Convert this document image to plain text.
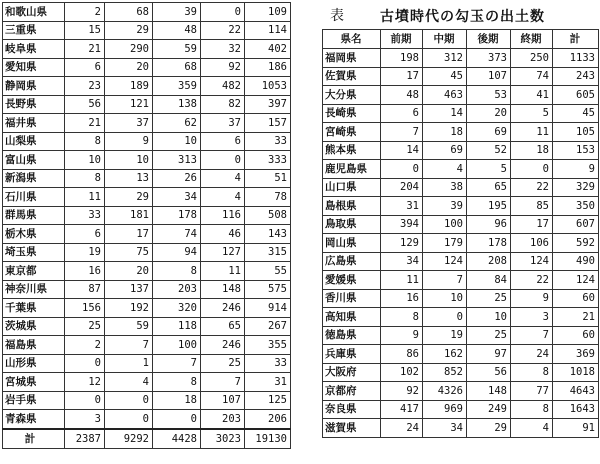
和歌山県	2	68	39	0	109
三重県	15	29	48	22	114
岐阜県	21	290	59	32	402
愛知県	6	20	68	92	186
静岡県	23	189	359	482	1053
長野県	56	121	138	82	397
福井県	21	37	62	37	157
山梨県	8	9	10	6	33
富山県	10	10	313	0	333
新潟県	8	13	26	4	51
石川県	11	29	34	4	78
群馬県	33	181	178	116	508
栃木県	6	17	74	46	143
埼玉県	19	75	94	127	315
東京都	16	20	8	11	55
神奈川県	87	137	203	148	575
千葉県	156	192	320	246	914
茨城県	25	59	118	65	267
福島県	2	7	100	246	355
山形県	0	1	7	25	33
宮城県	12	4	8	7	31
岩手県	0	0	18	107	125
青森県	3	0	0	203	206
計	2387	9292	4428	3023	19130
表	古墳時代の勾玉の出土数
県名	前期	中期	後期	終期	計
福岡県	198	312	373	250	1133
佐賀県	17	45	107	74	243
大分県	48	463	53	41	605
長崎県	6	14	20	5	45
宮崎県	7	18	69	11	105
熊本県	14	69	52	18	153
鹿児島県	0	4	5	0	9
山口県	204	38	65	22	329
島根県	31	39	195	85	350
鳥取県	394	100	96	17	607
岡山県	129	179	178	106	592
広島県	34	124	208	124	490
愛媛県	11	7	84	22	124
香川県	16	10	25	9	60
高知県	8	0	10	3	21
徳島県	9	19	25	7	60
兵庫県	86	162	97	24	369
大阪府	102	852	56	8	1018
京都府	92	4326	148	77	4643
奈良県	417	969	249	8	1643
滋賀県	24	34	29	4	91
